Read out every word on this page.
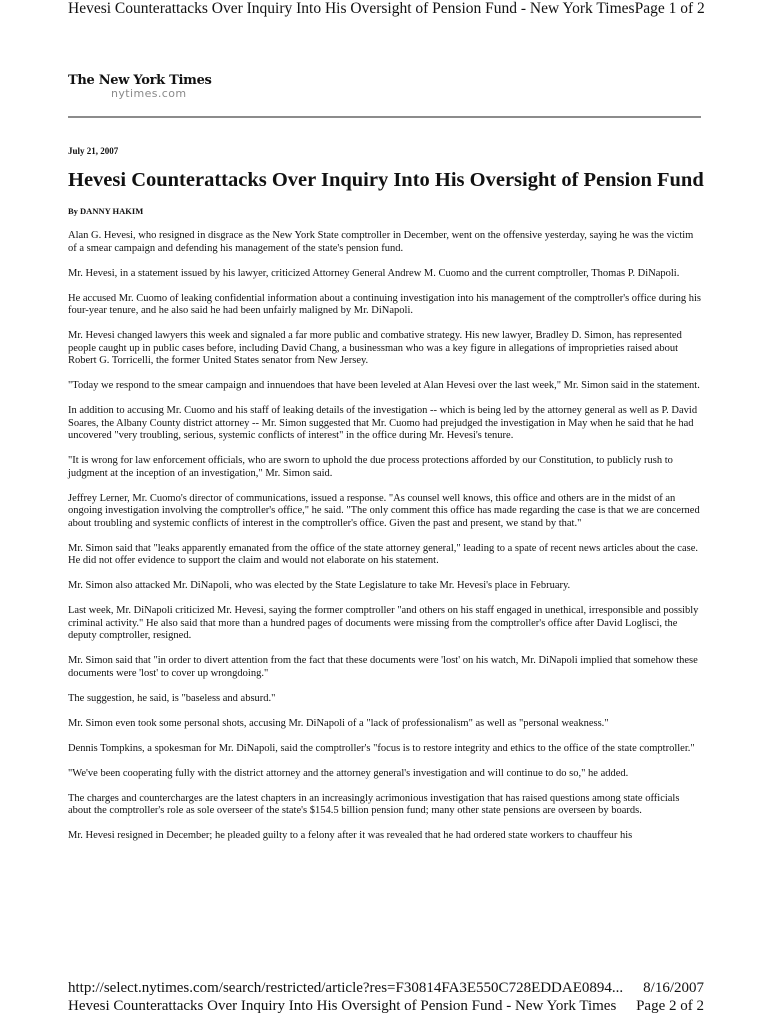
Hevesi Counterattacks Over Inquiry Into His Oversight of Pension Fund - New York Times Page 1 of 2
The New York Times
nytimes.com
July 21, 2007
Hevesi Counterattacks Over Inquiry Into His Oversight of Pension Fund
By DANNY HAKIM

Alan G. Hevesi, who resigned in disgrace as the New York State comptroller in December, went on the offensive yesterday, saying he was the victim of a smear campaign and defending his management of the state's pension fund.

Mr. Hevesi, in a statement issued by his lawyer, criticized Attorney General Andrew M. Cuomo and the current comptroller, Thomas P. DiNapoli.

He accused Mr. Cuomo of leaking confidential information about a continuing investigation into his management of the comptroller's office during his four-year tenure, and he also said he had been unfairly maligned by Mr. DiNapoli.

Mr. Hevesi changed lawyers this week and signaled a far more public and combative strategy. His new lawyer, Bradley D. Simon, has represented people caught up in public cases before, including David Chang, a businessman who was a key figure in allegations of improprieties raised about Robert G. Torricelli, the former United States senator from New Jersey.

"Today we respond to the smear campaign and innuendoes that have been leveled at Alan Hevesi over the last week," Mr. Simon said in the statement.

In addition to accusing Mr. Cuomo and his staff of leaking details of the investigation -- which is being led by the attorney general as well as P. David Soares, the Albany County district attorney -- Mr. Simon suggested that Mr. Cuomo had prejudged the investigation in May when he said that he had uncovered "very troubling, serious, systemic conflicts of interest" in the office during Mr. Hevesi's tenure.

"It is wrong for law enforcement officials, who are sworn to uphold the due process protections afforded by our Constitution, to publicly rush to judgment at the inception of an investigation," Mr. Simon said.

Jeffrey Lerner, Mr. Cuomo's director of communications, issued a response. "As counsel well knows, this office and others are in the midst of an ongoing investigation involving the comptroller's office," he said. "The only comment this office has made regarding the case is that we are concerned about troubling and systemic conflicts of interest in the comptroller's office. Given the past and present, we stand by that."

Mr. Simon said that "leaks apparently emanated from the office of the state attorney general," leading to a spate of recent news articles about the case. He did not offer evidence to support the claim and would not elaborate on his statement.

Mr. Simon also attacked Mr. DiNapoli, who was elected by the State Legislature to take Mr. Hevesi's place in February.

Last week, Mr. DiNapoli criticized Mr. Hevesi, saying the former comptroller "and others on his staff engaged in unethical, irresponsible and possibly criminal activity." He also said that more than a hundred pages of documents were missing from the comptroller's office after David Loglisci, the deputy comptroller, resigned.

Mr. Simon said that "in order to divert attention from the fact that these documents were 'lost' on his watch, Mr. DiNapoli implied that somehow these documents were 'lost' to cover up wrongdoing."

The suggestion, he said, is "baseless and absurd."

Mr. Simon even took some personal shots, accusing Mr. DiNapoli of a "lack of professionalism" as well as "personal weakness."

Dennis Tompkins, a spokesman for Mr. DiNapoli, said the comptroller's "focus is to restore integrity and ethics to the office of the state comptroller."

"We've been cooperating fully with the district attorney and the attorney general's investigation and will continue to do so," he added.

The charges and countercharges are the latest chapters in an increasingly acrimonious investigation that has raised questions among state officials about the comptroller's role as sole overseer of the state's $154.5 billion pension fund; many other state pensions are overseen by boards.

Mr. Hevesi resigned in December; he pleaded guilty to a felony after it was revealed that he had ordered state workers to chauffeur his

http://select.nytimes.com/search/restricted/article?res=F30814FA3E550C728EDDAE0894... 8/16/2007
Hevesi Counterattacks Over Inquiry Into His Oversight of Pension Fund - New York Times Page 2 of 2
